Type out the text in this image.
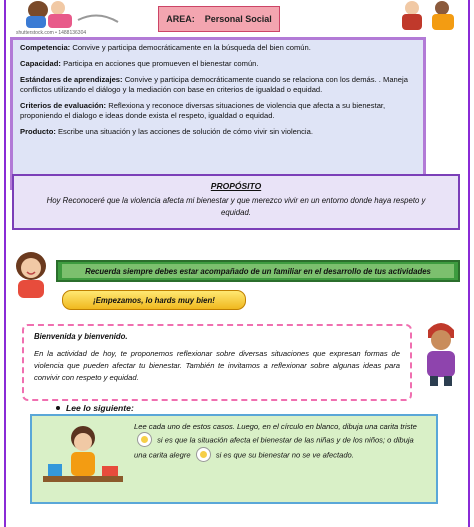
shutterstock.com • 1488136304
AREA: Personal Social

Competencia: Convive y participa democráticamente en la búsqueda del bien común.

Capacidad: Participa en acciones que promueven el bienestar común.

Estándares de aprendizajes: Convive y participa democráticamente cuando se relaciona con los demás. . Maneja conflictos utilizando el diálogo y la mediación con base en criterios de igualdad o equidad.

Criterios de evaluación: Reflexiona y reconoce diversas situaciones de violencia que afecta a su bienestar, proponiendo el dialogo e ideas donde exista el respeto, igualdad o equidad.

Producto: Escribe una situación y las acciones de solución de cómo vivir sin violencia.

PROPÓSITO
Hoy Reconoceré que la violencia afecta mi bienestar y que merezco vivir en un entorno donde haya respeto y equidad.
Recuerda siempre debes estar acompañado de un familiar en el desarrollo de tus actividades
¡Empezamos, lo hards muy bien!
Bienvenida y bienvenido.
En la actividad de hoy, te proponemos reflexionar sobre diversas situaciones que expresan formas de violencia que pueden afectar tu bienestar. También te invitamos a reflexionar sobre algunas ideas para convivir con respeto y equidad.
Lee lo siguiente:
Lee cada uno de estos casos. Luego, en el círculo en blanco, dibuja una carita triste  si es que la situación afecta el bienestar de las niñas y de los niños; o dibuja una carita alegre	si es que su bienestar no se ve afectado.
